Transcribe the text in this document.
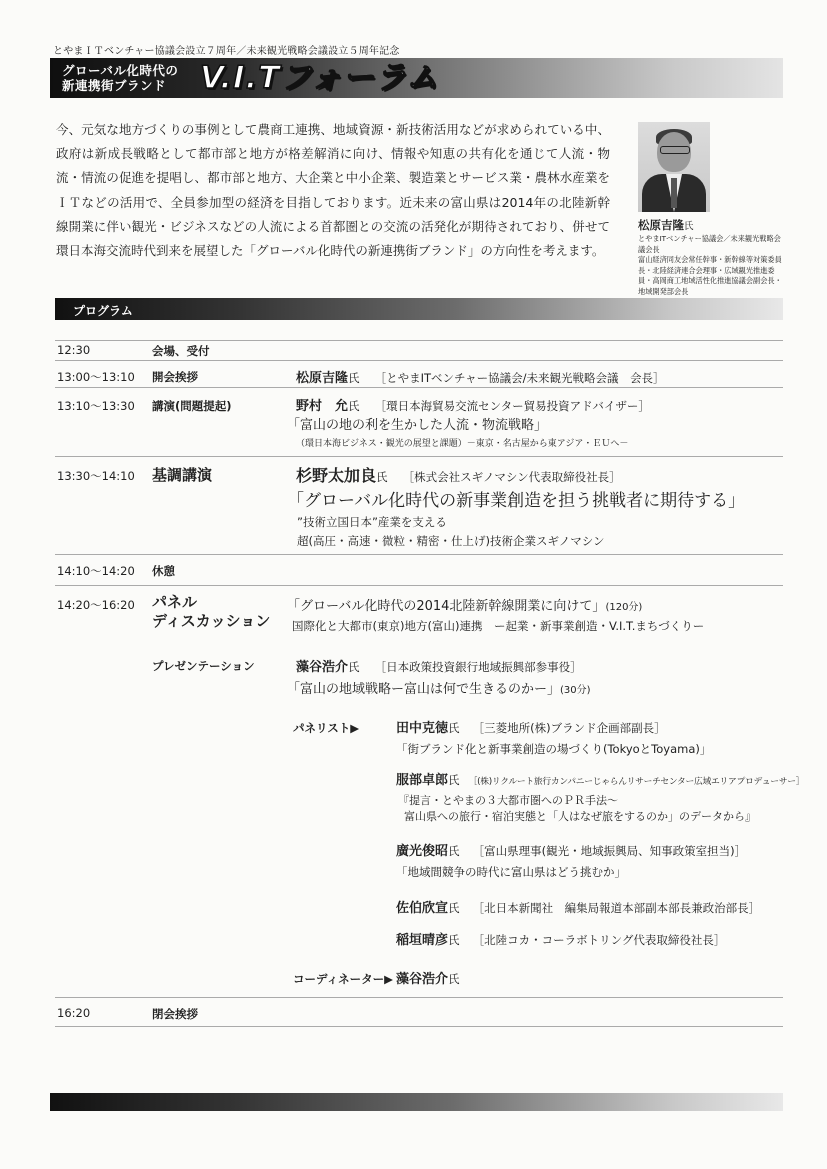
とやまＩＴベンチャー協議会設立７周年／未来観光戦略会議設立５周年記念
グローバル化時代の
新連携街ブランド	V.I.Tフォーラム
今、元気な地方づくりの事例として農商工連携、地域資源・新技術活用などが求められている中、政府は新成長戦略として都市部と地方が格差解消に向け、情報や知恵の共有化を通じて人流・物流・情流の促進を提唱し、都市部と地方、大企業と中小企業、製造業とサービス業・農林水産業をＩＴなどの活用で、全員参加型の経済を目指しております。近未来の富山県は2014年の北陸新幹線開業に伴い観光・ビジネスなどの人流による首都圏との交流の活発化が期待されており、併せて環日本海交流時代到来を展望した「グローバル化時代の新連携街ブランド」の方向性を考えます。
松原吉隆氏
とやまITベンチャー協議会／未来観光戦略会議会長
富山経済同友会常任幹事・新幹線等対策委員長・北陸経済連合会理事・広域観光推進委員・高岡商工地域活性化推進協議会副会長・地域開発部会長
プログラム
12:30	会場、受付
13:00～13:10 開会挨拶	松原吉隆氏 ［とやまITベンチャー協議会/未来観光戦略会議　会長］
13:10～13:30 講演(問題提起)	野村　允氏 ［環日本海貿易交流センター貿易投資アドバイザー］
「富山の地の利を生かした人流・物流戦略」
（環日本海ビジネス・観光の展望と課題）－東京・名古屋から東アジア・ＥＵへ－
13:30～14:10 基調講演	杉野太加良氏 ［株式会社スギノマシン代表取締役社長］
「グローバル化時代の新事業創造を担う挑戦者に期待する」
”技術立国日本”産業を支える
超(高圧・高速・微粒・精密・仕上げ)技術企業スギノマシン
14:10～14:20 休憩
14:20～16:20 パネル
ディスカッション
「グローバル化時代の2014北陸新幹線開業に向けて」(120分)
国際化と大都市(東京)地方(富山)連携　ー起業・新事業創造・V.I.T.まちづくりー
プレゼンテーション	藻谷浩介氏 ［日本政策投資銀行地域振興部参事役］
「富山の地域戦略ー富山は何で生きるのかー」(30分)
パネリスト▶	田中克徳氏 ［三菱地所(株)ブランド企画部副長］
「街ブランド化と新事業創造の場づくり(TokyoとToyama)」
服部卓郎氏 ［(株)リクルート旅行カンパニーじゃらんリサーチセンター広域エリアプロデューサー］
『提言・とやまの３大都市圏へのＰＲ手法～
富山県への旅行・宿泊実態と「人はなぜ旅をするのか」のデータから』
廣光俊昭氏 ［富山県理事(観光・地域振興局、知事政策室担当)］
「地域間競争の時代に富山県はどう挑むか」
佐伯欣宣氏 ［北日本新聞社　編集局報道本部副本部長兼政治部長］
稲垣晴彦氏 ［北陸コカ・コーラボトリング代表取締役社長］
コーディネーター▶ 藻谷浩介氏
16:20	閉会挨拶
